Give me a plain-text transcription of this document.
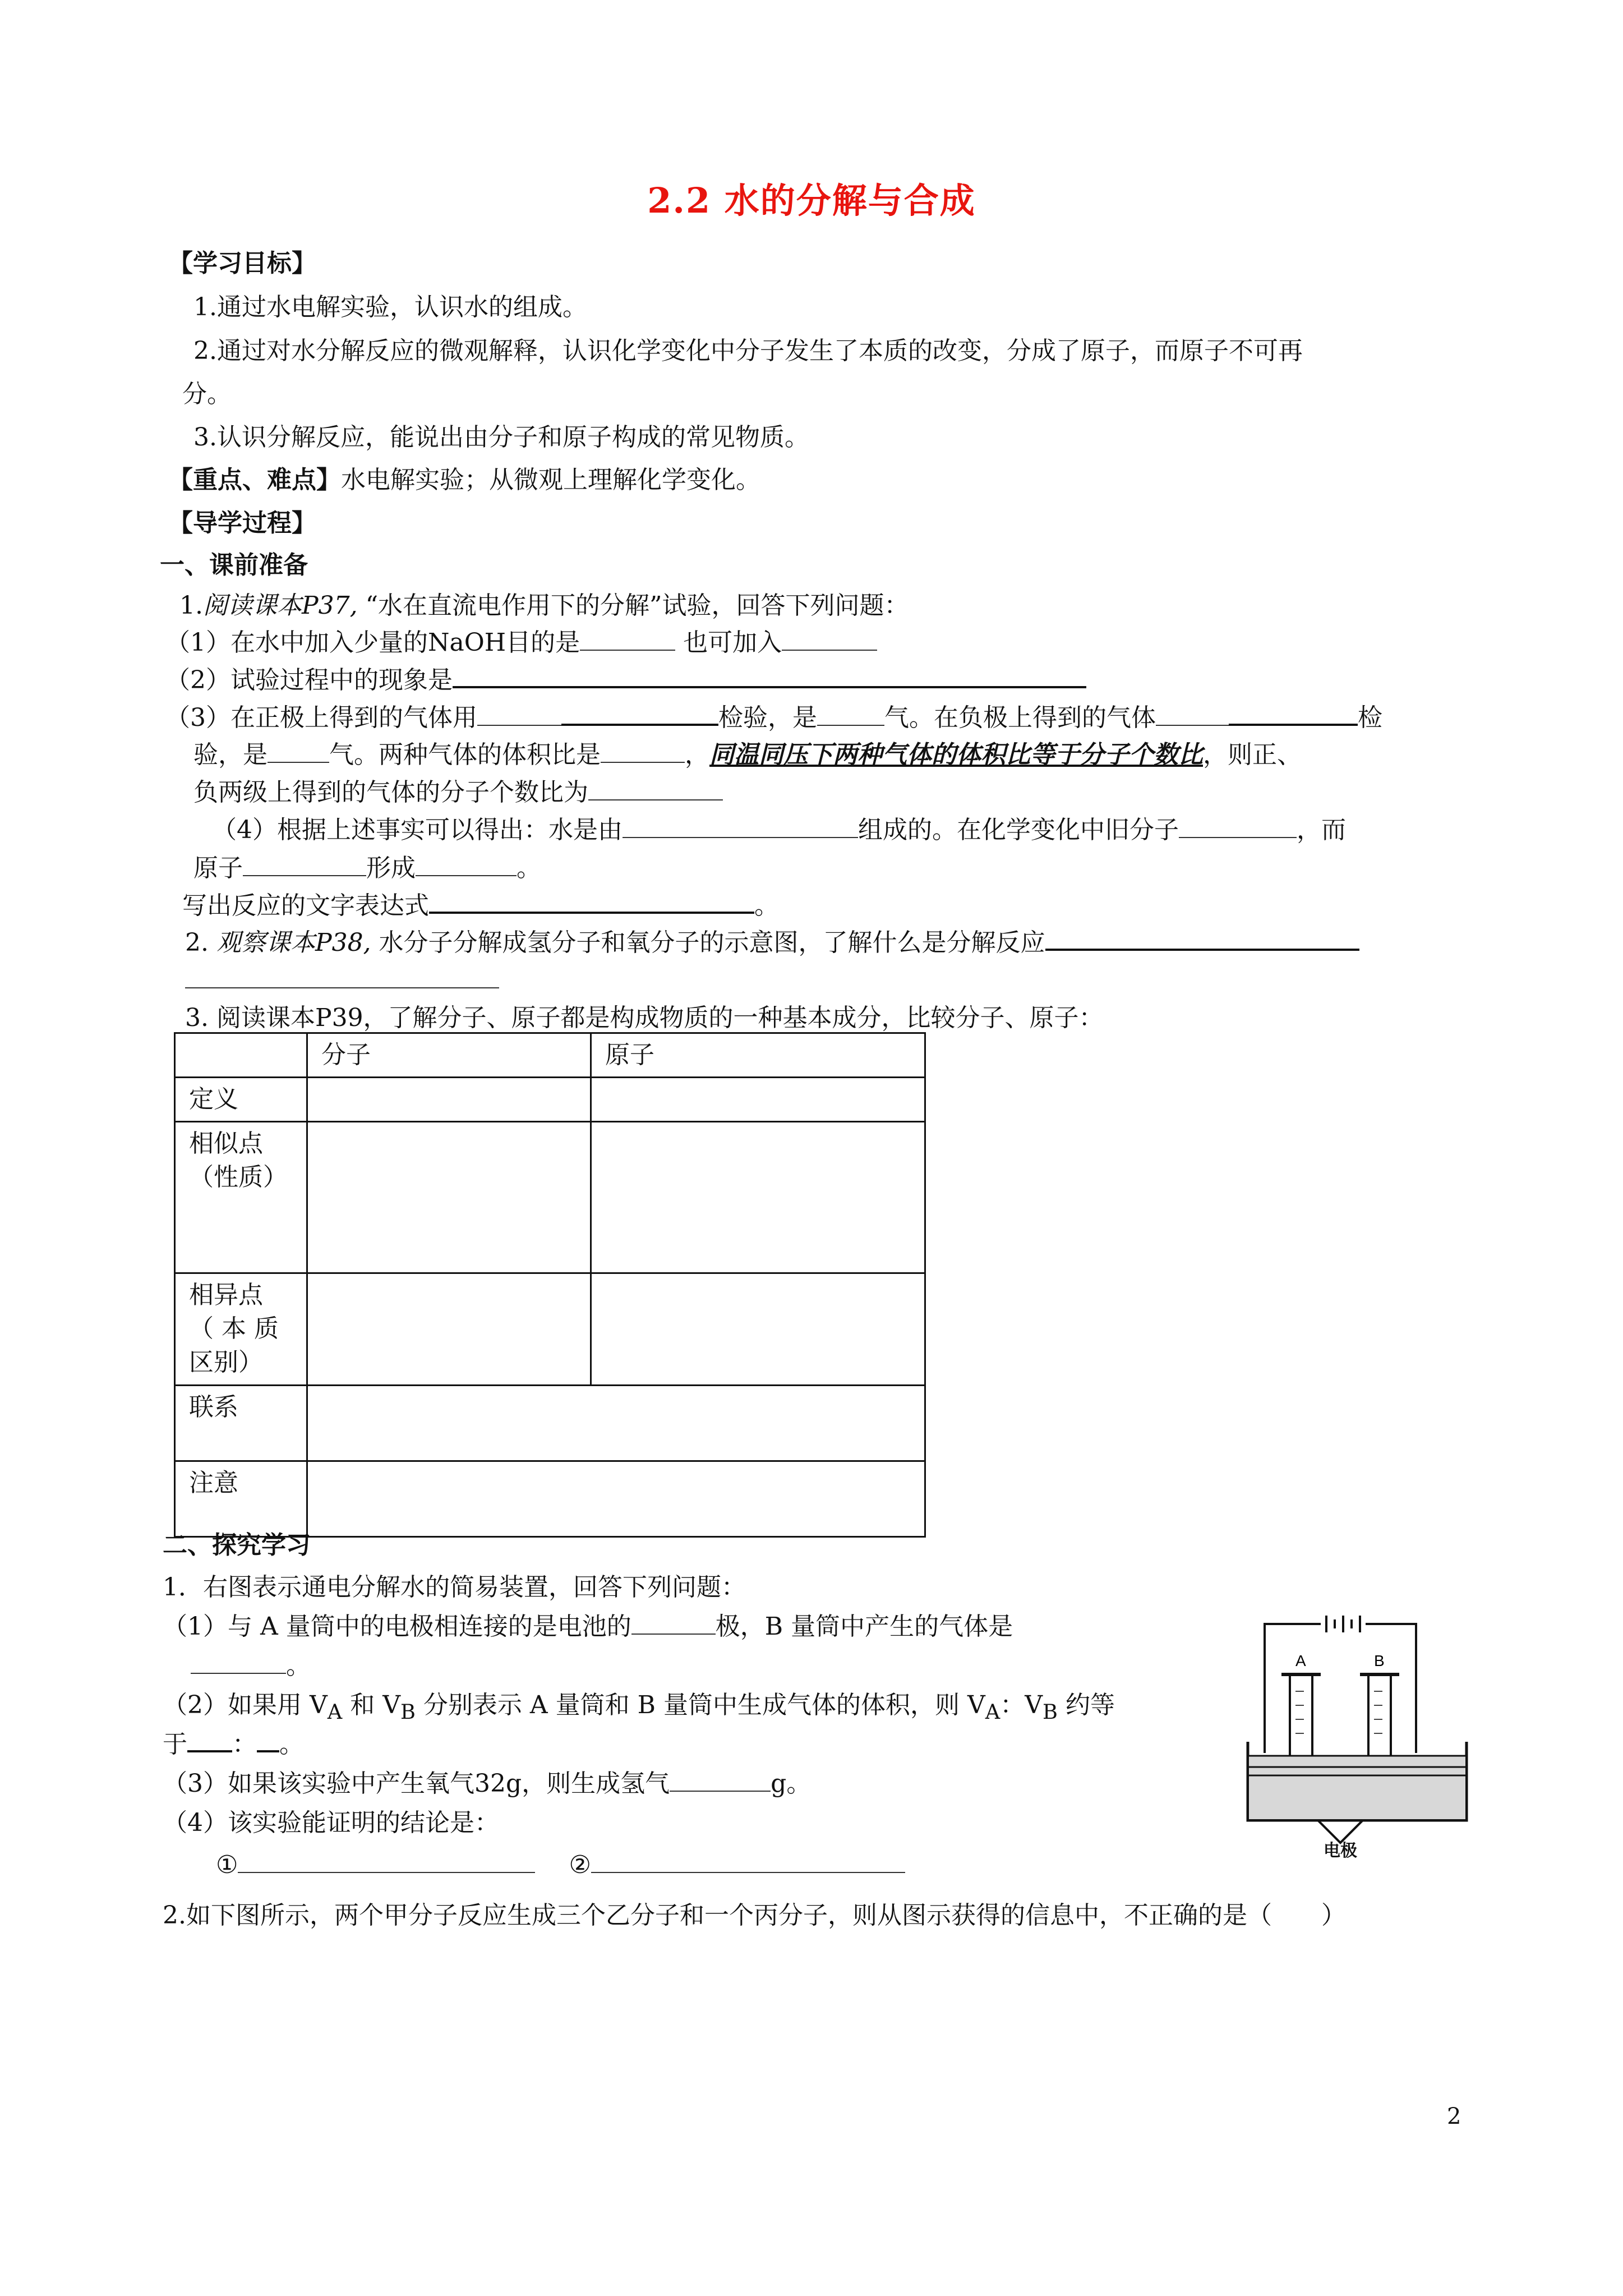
2.2 水的分解与合成
【学习目标】
1.通过水电解实验，认识水的组成。
2.通过对水分解反应的微观解释，认识化学变化中分子发生了本质的改变，分成了原子，而原子不可再
分。
3.认识分解反应，能说出由分子和原子构成的常见物质。
【重点、难点】水电解实验；从微观上理解化学变化。
【导学过程】
一、课前准备
1.阅读课本P37, “水在直流电作用下的分解”试验，回答下列问题：
（1）在水中加入少量的NaOH目的是	也可加入
（2）试验过程中的现象是
（3）在正极上得到的气体用	检验，是	气。在负极上得到的气体	检
验，是	气。两种气体的体积比是	，同温同压下两种气体的体积比等于分子个数比，则正、
负两级上得到的气体的分子个数比为
（4）根据上述事实可以得出：水是由	组成的。在化学变化中旧分子	，而
原子	形成	。
写出反应的文字表达式	。
2. 观察课本P38, 水分子分解成氢分子和氧分子的示意图，了解什么是分解反应
3. 阅读课本P39，了解分子、原子都是构成物质的一种基本成分，比较分子、原子：
	分子	原子
定义		
相似点
（性质）		
相异点
（ 本 质
区别）		
联系		
注意		
二、探究学习
1．右图表示通电分解水的简易装置，回答下列问题：
（1）与 A 量筒中的电极相连接的是电池的	极，B 量筒中产生的气体是
。
（2）如果用 $V_A$ 和 $V_B$ 分别表示 A 量筒和 B 量筒中生成气体的体积，则 $V_A$：$V_B$ 约等
于 ： 。
（3）如果该实验中产生氧气32g，则生成氢气	g。
（4）该实验能证明的结论是：
①	②
2.如下图所示，两个甲分子反应生成三个乙分子和一个丙分子，则从图示获得的信息中，不正确的是（　　）
A	B
电极
2
